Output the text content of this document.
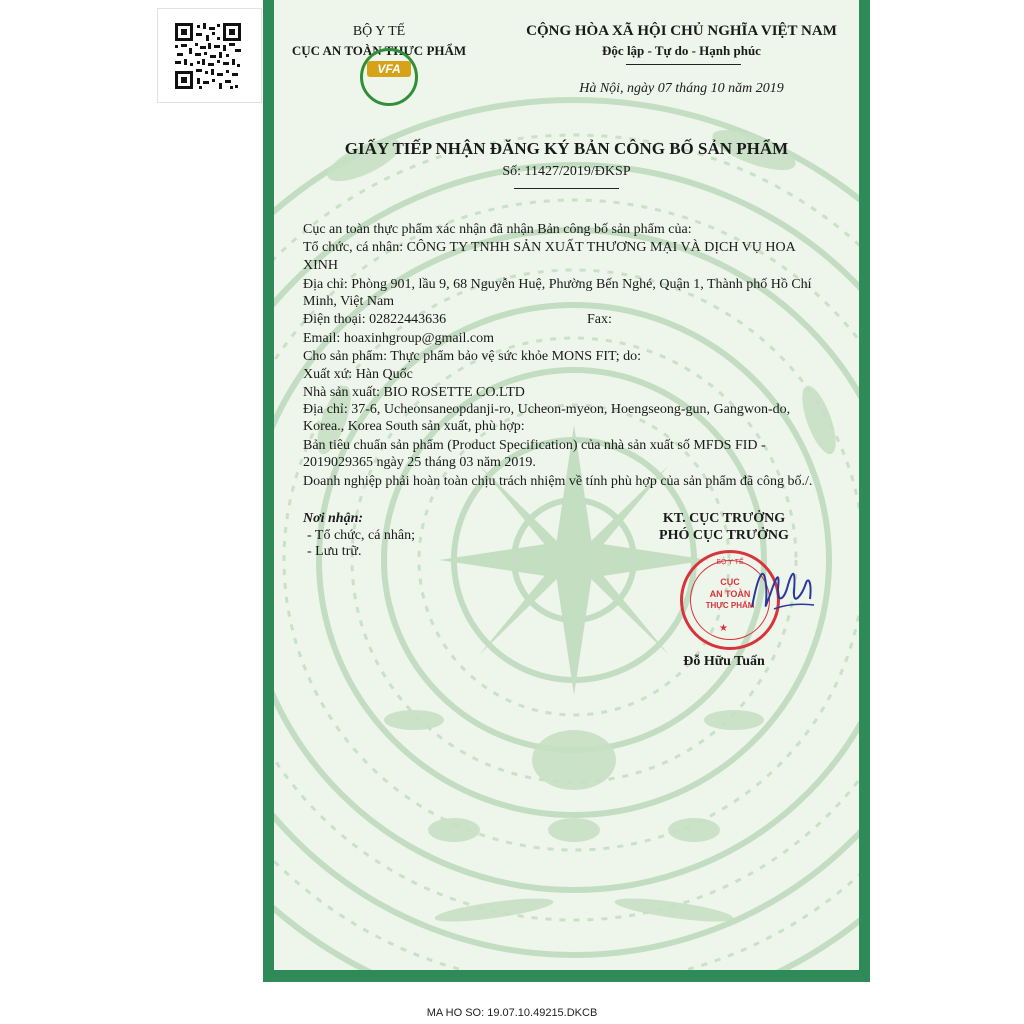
BỘ Y TẾ
CỤC AN TOÀN THỰC PHẨM
VFA
CỘNG HÒA XÃ HỘI CHỦ NGHĨA VIỆT NAM
Độc lập - Tự do - Hạnh phúc
Hà Nội, ngày 07 tháng 10 năm 2019
GIẤY TIẾP NHẬN ĐĂNG KÝ BẢN CÔNG BỐ SẢN PHẨM
Số: 11427/2019/ĐKSP
Cục an toàn thực phẩm xác nhận đã nhận Bản công bố sản phẩm của:
Tổ chức, cá nhân: CÔNG TY TNHH SẢN XUẤT THƯƠNG MẠI VÀ DỊCH VỤ HOA
XINH
Địa chỉ: Phòng 901, lầu 9, 68 Nguyễn Huệ, Phường Bến Nghé, Quận 1, Thành phố Hồ Chí
Minh, Việt Nam
Điện thoại: 02822443636	Fax:
Email: hoaxinhgroup@gmail.com
Cho sản phẩm: Thực phẩm bảo vệ sức khỏe MONS FIT; do:
Xuất xứ: Hàn Quốc
Nhà sản xuất: BIO ROSETTE CO.LTD
Địa chỉ: 37-6, Ucheonsaneopdanji-ro, Ucheon-myeon, Hoengseong-gun, Gangwon-do,
Korea., Korea South sản xuất, phù hợp:
Bản tiêu chuẩn sản phẩm (Product Specification) của nhà sản xuất số MFDS FID -
2019029365 ngày 25 tháng 03 năm 2019.
Doanh nghiệp phải hoàn toàn chịu trách nhiệm về tính phù hợp của sản phẩm đã công bố./.
Nơi nhận:
- Tổ chức, cá nhân;
- Lưu trữ.
KT. CỤC TRƯỞNG
PHÓ CỤC TRƯỞNG
BỘ Y TẾ
CỤC
AN TOÀN
THỰC PHẨM
★
Đỗ Hữu Tuấn
MA HO SO: 19.07.10.49215.DKCB
